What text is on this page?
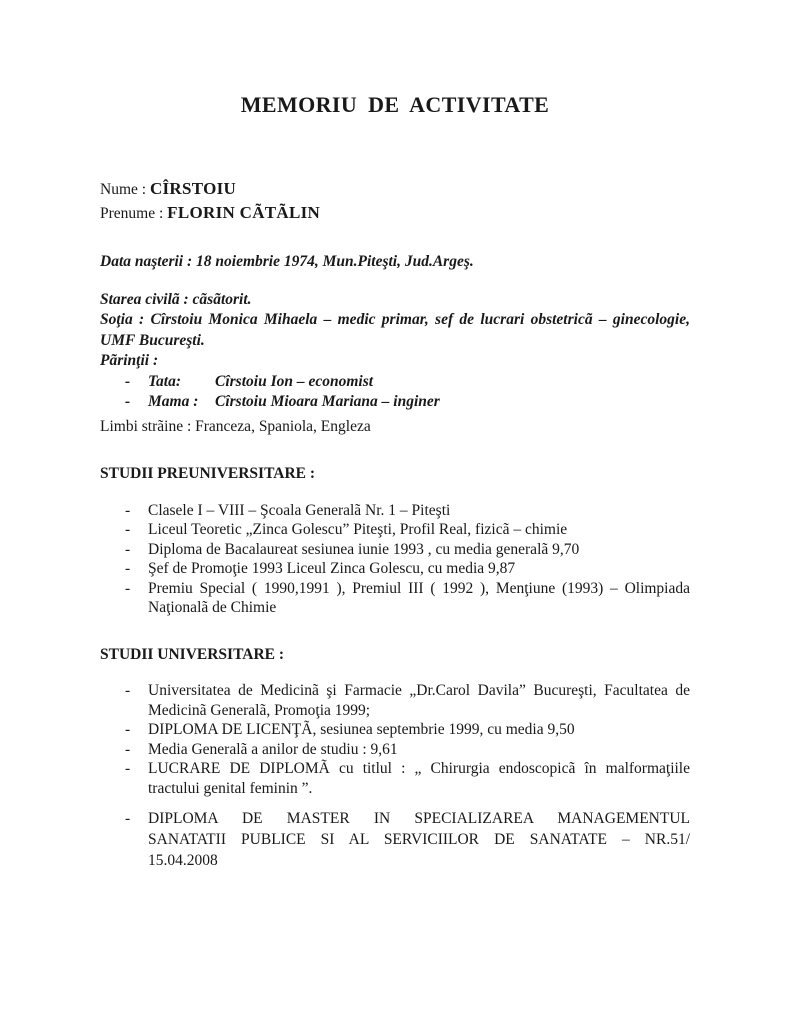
MEMORIU DE ACTIVITATE
Nume : CÎRSTOIU
Prenume : FLORIN CÃTÃLIN
Data naşterii : 18 noiembrie 1974, Mun.Piteşti, Jud.Argeş.
Starea civilã : cãsãtorit.
Soţia : Cîrstoiu Monica Mihaela – medic primar, sef de lucrari obstetricã – ginecologie,
UMF Bucureşti.
Pãrinţii :
- Tata: Cîrstoiu Ion – economist
- Mama : Cîrstoiu Mioara Mariana – inginer
Limbi strãine : Franceza, Spaniola, Engleza
STUDII PREUNIVERSITARE :
- Clasele I – VIII – Şcoala Generalã Nr. 1 – Piteşti
- Liceul Teoretic „Zinca Golescu” Piteşti, Profil Real, fizicã – chimie
- Diploma de Bacalaureat sesiunea iunie 1993 , cu media generalã 9,70
- Şef de Promoţie 1993 Liceul Zinca Golescu, cu media 9,87
- Premiu Special ( 1990,1991 ), Premiul III ( 1992 ), Menţiune (1993) – Olimpiada
Naţionalã de Chimie
STUDII UNIVERSITARE :
- Universitatea de Medicinã şi Farmacie „Dr.Carol Davila” Bucureşti, Facultatea de
Medicinã Generalã, Promoţia 1999;
- DIPLOMA DE LICENŢÃ, sesiunea septembrie 1999, cu media 9,50
- Media Generalã a anilor de studiu : 9,61
- LUCRARE DE DIPLOMÃ cu titlul : „ Chirurgia endoscopicã în malformaţiile
tractului genital feminin ”.
- DIPLOMA DE MASTER IN SPECIALIZAREA MANAGEMENTUL
SANATATII PUBLICE SI AL SERVICIILOR DE SANATATE – NR.51/
15.04.2008
